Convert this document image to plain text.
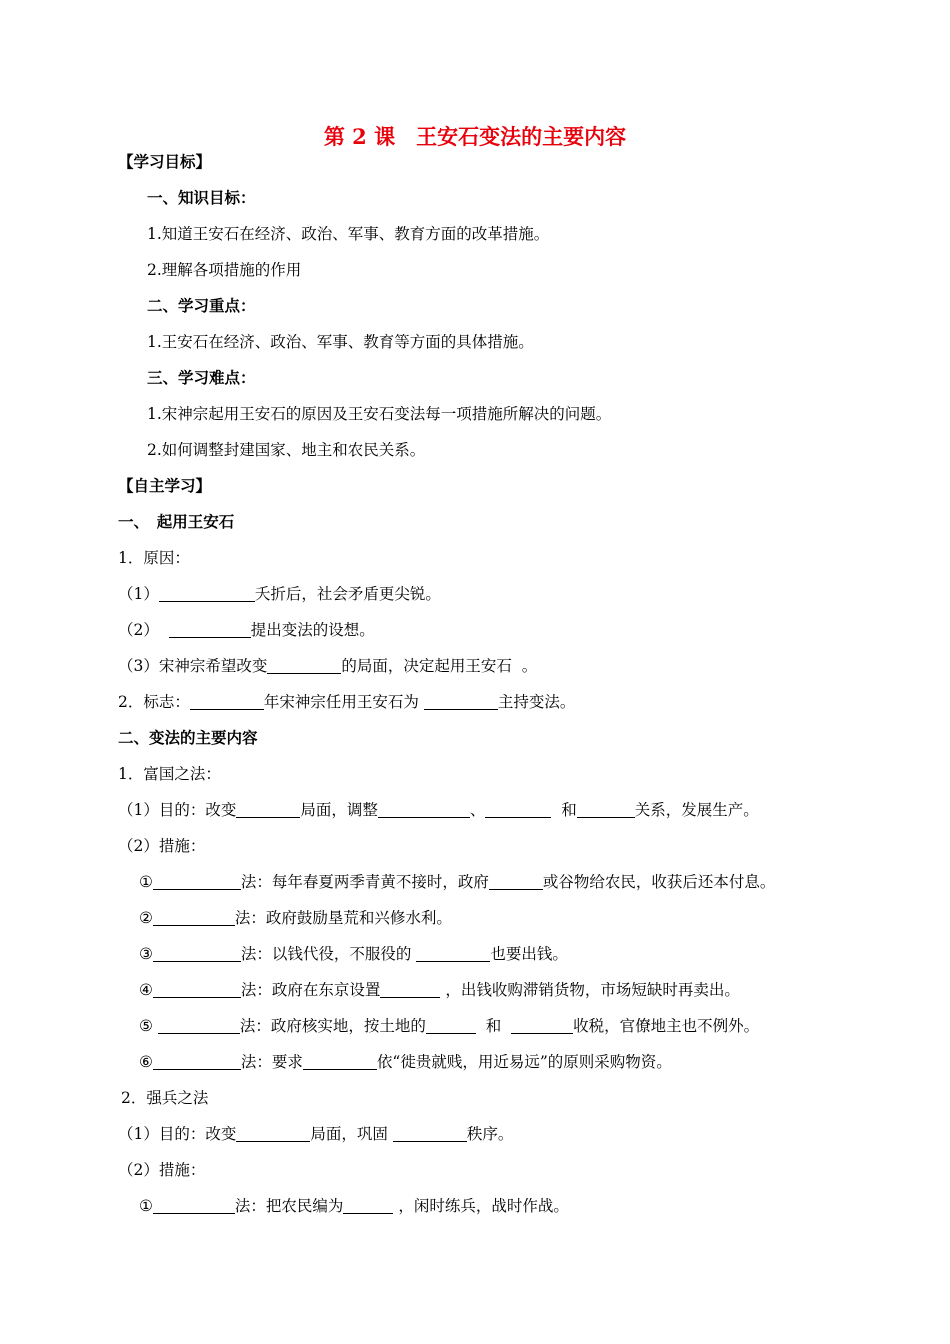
第 2 课　王安石变法的主要内容
【学习目标】
一、知识目标：
1.知道王安石在经济、政治、军事、教育方面的改革措施。
2.理解各项措施的作用
二、学习重点：
1.王安石在经济、政治、军事、教育等方面的具体措施。
三、学习难点：
1.宋神宗起用王安石的原因及王安石变法每一项措施所解决的问题。
2.如何调整封建国家、地主和农民关系。
【自主学习】
一、　起用王安石
1．原因：
（1）	夭折后，社会矛盾更尖锐。
（2）	提出变法的设想。
（3）宋神宗希望改变	的局面，决定起用王安石  。
2．标志：	年宋神宗任用王安石为	主持变法。
二、变法的主要内容
1．富国之法：
（1）目的：改变	局面，调整	、	和	关系，发展生产。
（2）措施：
①	法：每年春夏两季青黄不接时，政府	或谷物给农民，收获后还本付息。
②	法：政府鼓励垦荒和兴修水利。
③	法：以钱代役，不服役的	也要出钱。
④	法：政府在东京设置	，出钱收购滞销货物，市场短缺时再卖出。
⑤	法：政府核实地，按土地的	和	收税，官僚地主也不例外。
⑥	法：要求	依“徙贵就贱，用近易远”的原则采购物资。
2．强兵之法
（1）目的：改变	局面，巩固	秩序。
（2）措施：
①	法：把农民编为	，闲时练兵，战时作战。
